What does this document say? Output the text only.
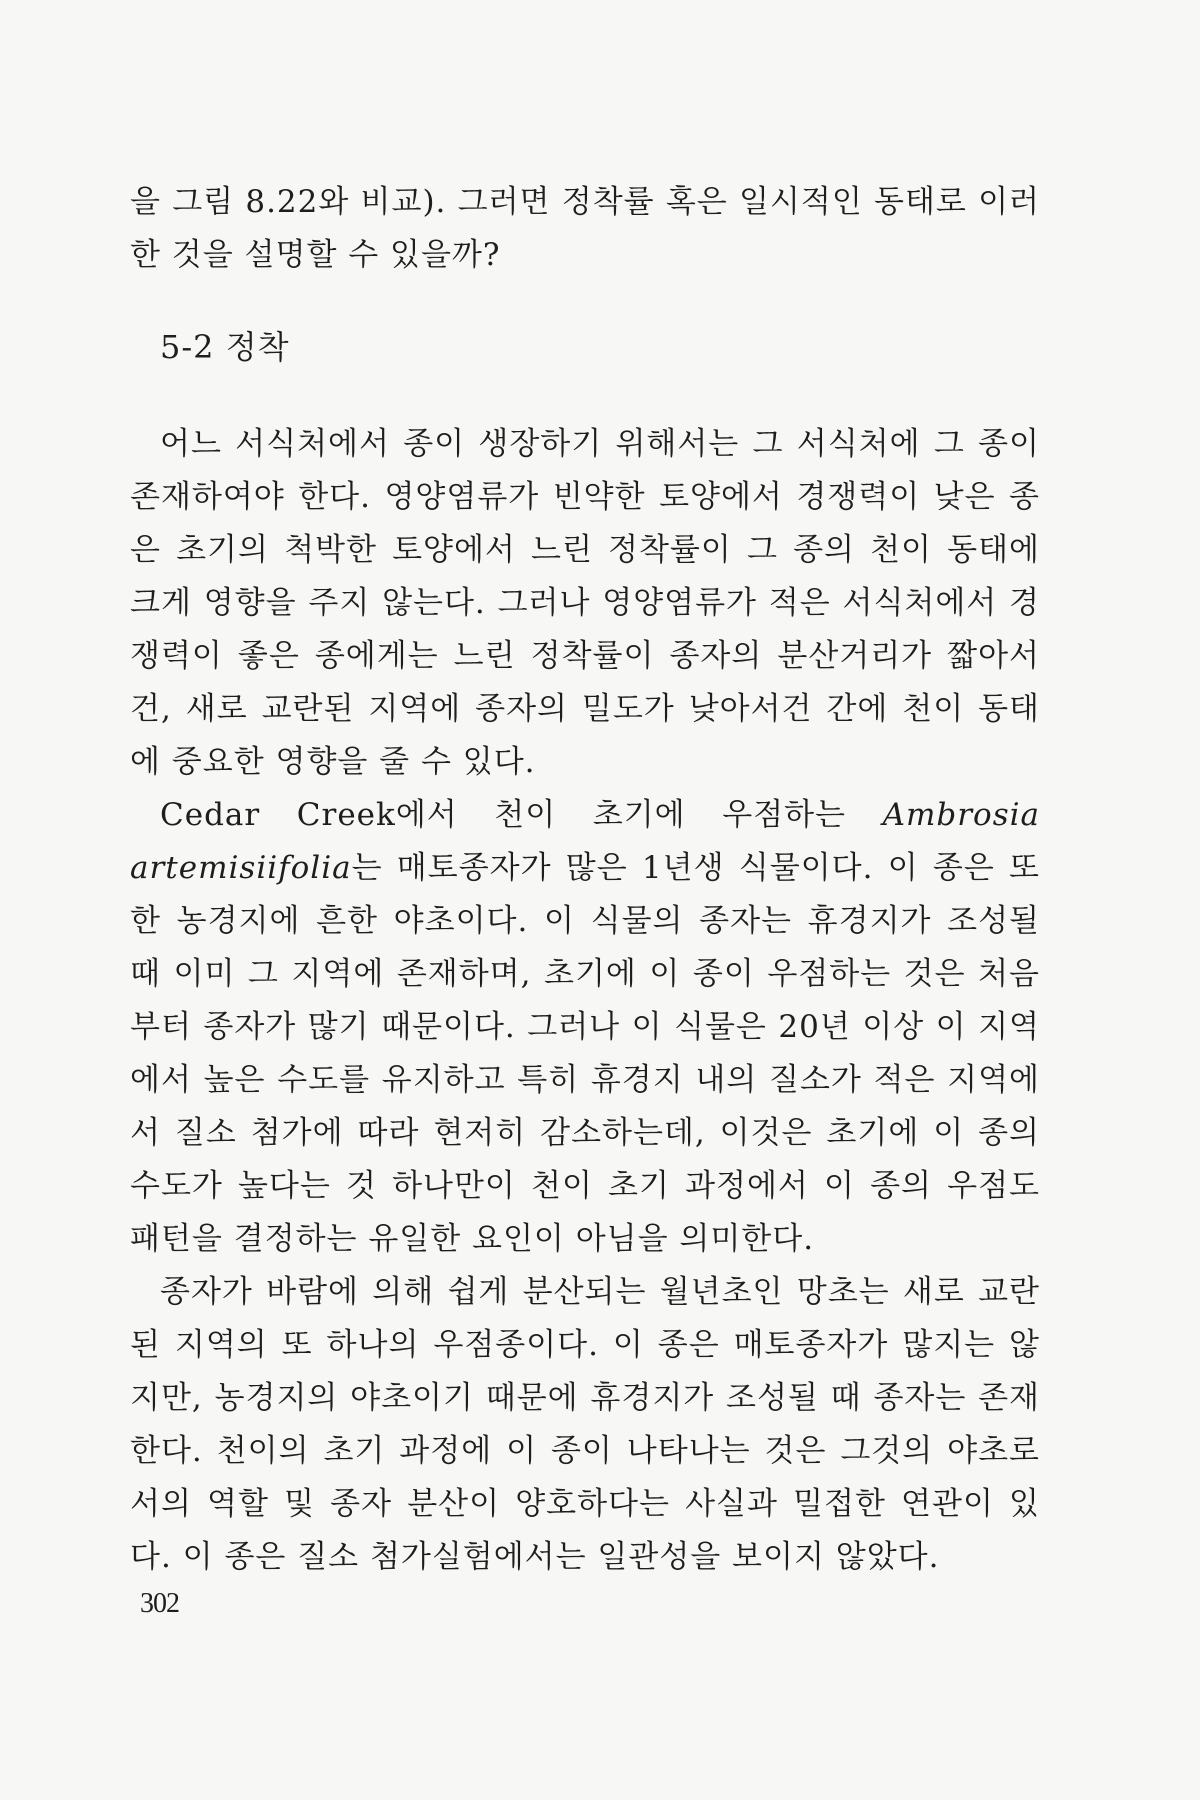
을 그림 8.22와 비교). 그러면 정착률 혹은 일시적인 동태로 이러한 것을 설명할 수 있을까?
5-2 정착

어느 서식처에서 종이 생장하기 위해서는 그 서식처에 그 종이 존재하여야 한다. 영양염류가 빈약한 토양에서 경쟁력이 낮은 종은 초기의 척박한 토양에서 느린 정착률이 그 종의 천이 동태에 크게 영향을 주지 않는다. 그러나 영양염류가 적은 서식처에서 경쟁력이 좋은 종에게는 느린 정착률이 종자의 분산거리가 짧아서건, 새로 교란된 지역에 종자의 밀도가 낮아서건 간에 천이 동태에 중요한 영향을 줄 수 있다.

Cedar Creek에서 천이 초기에 우점하는 Ambrosia artemisiifolia는 매토종자가 많은 1년생 식물이다. 이 종은 또한 농경지에 흔한 야초이다. 이 식물의 종자는 휴경지가 조성될 때 이미 그 지역에 존재하며, 초기에 이 종이 우점하는 것은 처음부터 종자가 많기 때문이다. 그러나 이 식물은 20년 이상 이 지역에서 높은 수도를 유지하고 특히 휴경지 내의 질소가 적은 지역에서 질소 첨가에 따라 현저히 감소하는데, 이것은 초기에 이 종의 수도가 높다는 것 하나만이 천이 초기 과정에서 이 종의 우점도 패턴을 결정하는 유일한 요인이 아님을 의미한다.

종자가 바람에 의해 쉽게 분산되는 월년초인 망초는 새로 교란된 지역의 또 하나의 우점종이다. 이 종은 매토종자가 많지는 않지만, 농경지의 야초이기 때문에 휴경지가 조성될 때 종자는 존재한다. 천이의 초기 과정에 이 종이 나타나는 것은 그것의 야초로서의 역할 및 종자 분산이 양호하다는 사실과 밀접한 연관이 있다. 이 종은 질소 첨가실험에서는 일관성을 보이지 않았다.

302
